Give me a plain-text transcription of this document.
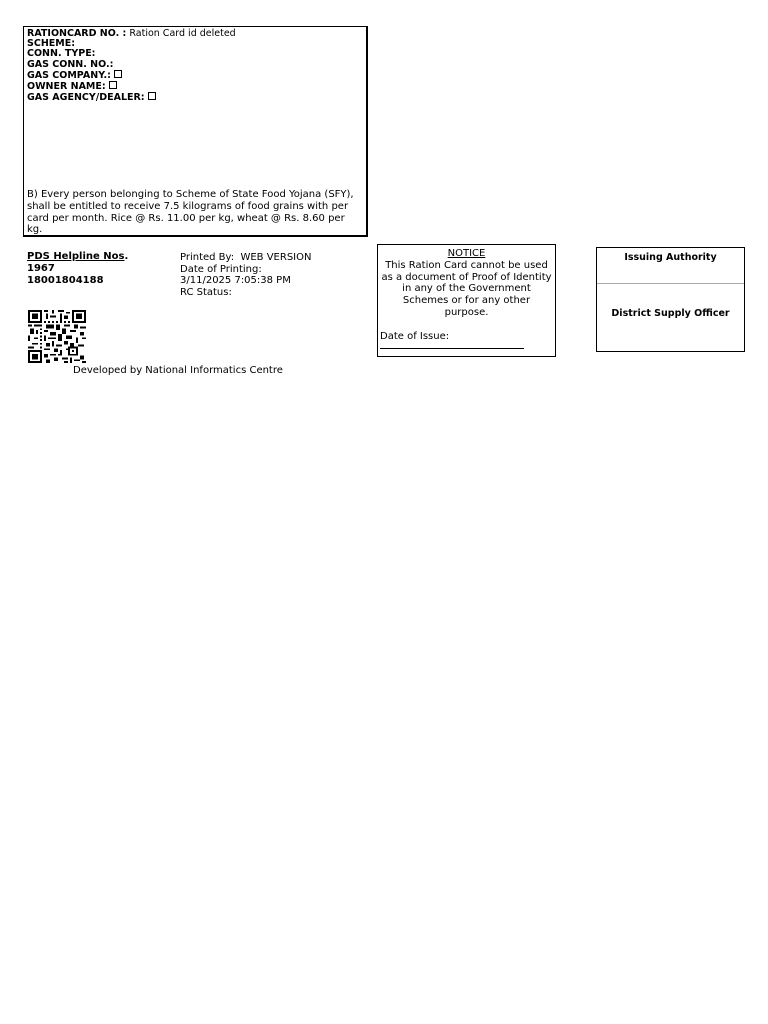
RATIONCARD NO. : Ration Card id deleted
SCHEME:
CONN. TYPE:
GAS CONN. NO.:
GAS COMPANY.:
OWNER NAME:
GAS AGENCY/DEALER:
B) Every person belonging to Scheme of State Food Yojana (SFY), shall be entitled to receive 7.5 kilograms of food grains with per card per month. Rice @ Rs. 11.00 per kg, wheat @ Rs. 8.60 per kg.
PDS Helpline Nos.
1967
18001804188
Printed By: WEB VERSION
Date of Printing:
3/11/2025 7:05:38 PM
RC Status:
Developed by National Informatics Centre
NOTICE
This Ration Card cannot be used as a document of Proof of Identity in any of the Government Schemes or for any other purpose.
Date of Issue:
Issuing Authority
District Supply Officer
